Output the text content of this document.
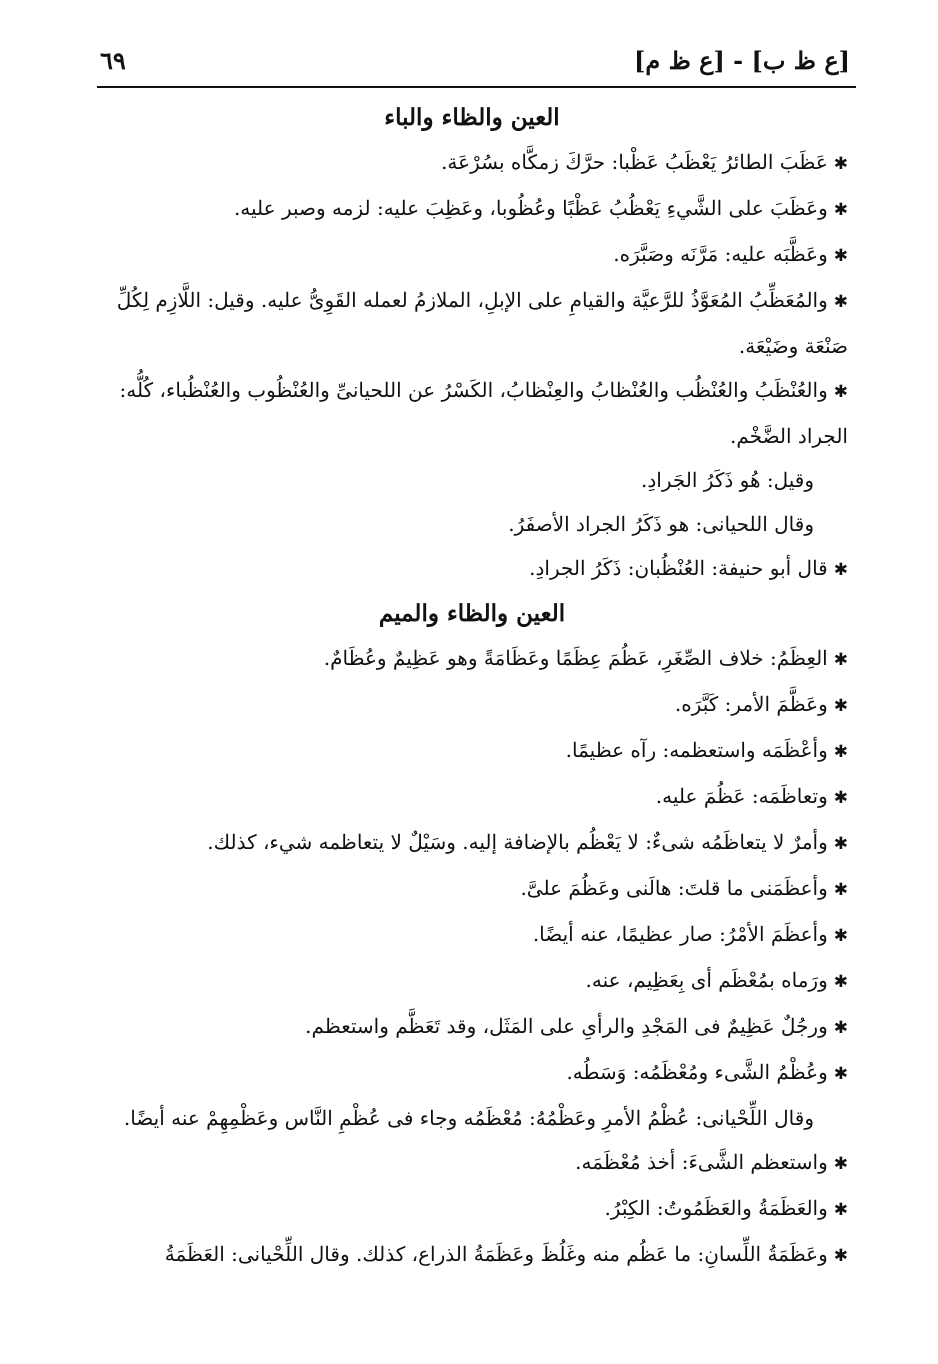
٦٩	[ع ظ ب] - [ع ظ م]
العين والظاء والباء
✱عَظَبَ الطائرُ يَعْظَبُ عَظْبا: حرَّكَ زمكَّاه بسُرْعَة.
✱وعَظَبَ على الشَّيءِ يَعْظُبُ عَظْبًا وعُظُوبا، وعَظِبَ عليه: لزمه وصبر عليه.
✱وعَظَّبَه عليه: مَرَّنَه وصَبَّرَه.
✱والمُعَظِّبُ المُعَوَّذُ للرَّعيَّة والقيامِ على الإبلِ، الملازمُ لعمله القَوِىُّ عليه. وقيل: اللَّازِم لِكُلِّ صَنْعَة وضَيْعَة.
✱والعُنْظَبُ والعُنْظُب والعُنْظابُ والعِنْظابُ، الكَسْرُ عن اللحيانىِّ والعُنْظُوب والعُنْظُباء، كُلُّه: الجراد الضَّخْم.
وقيل: هُو ذَكَرُ الجَرادِ.
وقال اللحيانى: هو ذَكَرُ الجراد الأصفَرُ.
✱قال أبو حنيفة: العُنْظُبان: ذَكَرُ الجرادِ.
العين والظاء والميم
✱العِظَمُ: خلاف الصِّغَرِ، عَظُمَ عِظَمًا وعَظَامَةً وهو عَظِيمٌ وعُظَامٌ.
✱وعَظَّمَ الأمر: كَبَّرَه.
✱وأعْظَمَه واستعظمه: رآه عظيمًا.
✱وتعاظَمَه: عَظُمَ عليه.
✱وأمرٌ لا يتعاظَمُه شىءٌ: لا يَعْظُم بالإضافة إليه. وسَيْلٌ لا يتعاظمه شيء، كذلك.
✱وأعظَمَنى ما قلتَ: هالَنى وعَظُمَ علىَّ.
✱وأعظَمَ الأمْرُ: صار عظيمًا، عنه أيضًا.
✱ورَماه بمُعْظَم أى بِعَظِيم، عنه.
✱ورجُلٌ عَظِيمٌ فى المَجْدِ والرأىِ على المَثَل، وقد تَعَظَّم واستعظم.
✱وعُظْمُ الشَّىء ومُعْظَمُه: وَسَطُه.
وقال اللِّحْيانى: عُظْمُ الأمرِ وعَظْمُهُ: مُعْظَمُه وجاء فى عُظْمِ النَّاس وعَظْمِهِمْ عنه أيضًا.
✱واستعظم الشَّىءَ: أخذ مُعْظَمَه.
✱والعَظَمَةُ والعَظَمُوتُ: الكِبْرُ.
✱وعَظَمَةُ اللِّسانِ: ما عَظُم منه وغَلُظَ وعَظَمَةُ الذراع، كذلك. وقال اللِّحْيانى: العَظَمَةُ
